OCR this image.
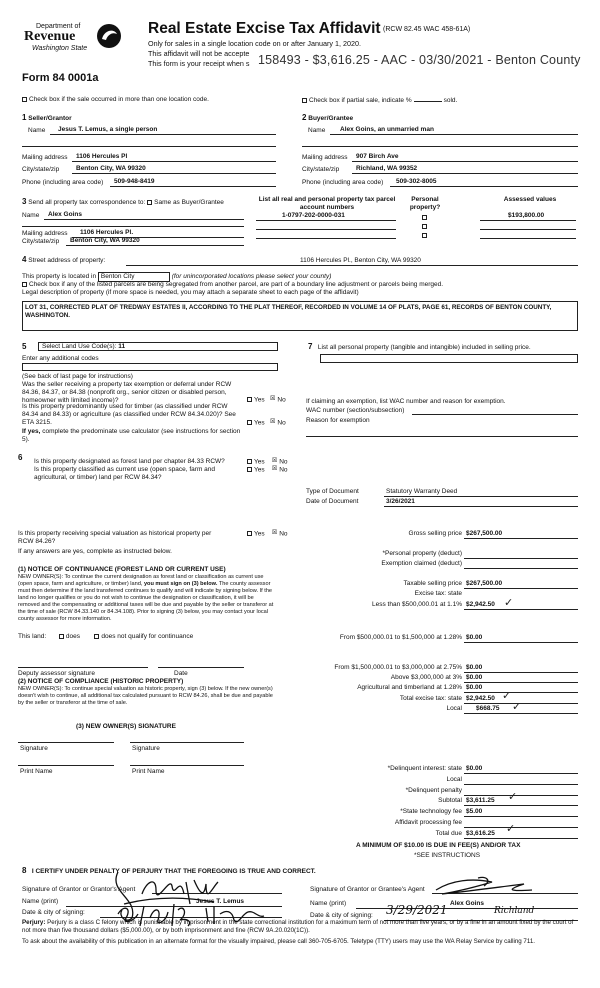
Department of
Revenue
Washington State
Form 84 0001a
Real Estate Excise Tax Affidavit (RCW 82.45 WAC 458-61A)
Only for sales in a single location code on or after January 1, 2020.
This affidavit will not be accepte
This form is your receipt when s 158493 - $3,616.25 - AAC - 03/30/2021 - Benton County
Check box if the sale occurred in more than one location code.	Check box if partial sale, indicate %	sold.
1 Seller/Grantor
Name Jesus T. Lemus, a single person
Mailing address 1106 Hercules Pl
City/state/zip	Benton City, WA 99320
Phone (including area code) 509-948-8419
2 Buyer/Grantee
Name Alex Goins, an unmarried man
Mailing address 907 Birch Ave
City/state/zip	Richland, WA 99352
Phone (including area code) 509-302-8005
3 Send all property tax correspondence to: Same as Buyer/Grantee
Name Alex Goins
Mailing address 1106 Hercules Pl.
City/state/zip Benton City, WA 99320
List all real and personal property tax parcel account numbers
Personal property?
Assessed values
1-0797-202-0000-031	$193,800.00
4 Street address of property:	1106 Hercules Pl., Benton City, WA 99320
This property is located in Benton City	(for unincorporated locations please select your county)
Check box if any of the listed parcels are being segregated from another parcel, are part of a boundary line adjustment or parcels being merged.
Legal description of property (if more space is needed, you may attach a separate sheet to each page of the affidavit)
LOT 31, CORRECTED PLAT OF TREDWAY ESTATES II, ACCORDING TO THE PLAT THEREOF, RECORDED IN VOLUME 14 OF PLATS, PAGE 61, RECORDS OF BENTON COUNTY, WASHINGTON.
5 Select Land Use Code(s): 11
Enter any additional codes
(See back of last page for instructions)
Was the seller receiving a property tax exemption or deferral under RCW 84.36, 84.37, or 84.38 (nonprofit org., senior citizen or disabled person, homeowner with limited income)?	Yes ☒ No
Is this property predominantly used for timber (as classified under RCW 84.34 and 84.33) or agriculture (as classified under RCW 84.34.020)? See ETA 3215.	Yes ☒ No
If yes, complete the predominate use calculator (see instructions for section 5).
7 List all personal property (tangible and intangible) included in selling price.
If claiming an exemption, list WAC number and reason for exemption.
WAC number (section/subsection)
Reason for exemption
6 Is this property designated as forest land per chapter 84.33 RCW?	Yes ☒ No
Is this property classified as current use (open space, farm and agricultural, or timber) land per RCW 84.34?
Yes ☒ No
Type of Document	Statutory Warranty Deed
Date of Document	3/26/2021
Is this property receiving special valuation as historical property per RCW 84.26?
Yes ☒ No
If any answers are yes, complete as instructed below.
(1) NOTICE OF CONTINUANCE (FOREST LAND OR CURRENT USE)
NEW OWNER(S): To continue the current designation as forest land or classification as current use (open space, farm and agriculture, or timber) land, you must sign on (3) below. The county assessor must then determine if the land transferred continues to qualify and will indicate by signing below. If the land no longer qualifies or you do not wish to continue the designation or classification, it will be removed and the compensating or additional taxes will be due and payable by the seller or transferor at the time of sale (RCW 84.33.140 or 84.34.108). Prior to signing (3) below, you may contact your local county assessor for more information.
This land:	does	does not qualify for continuance
Deputy assessor signature	Date
(2) NOTICE OF COMPLIANCE (HISTORIC PROPERTY)
NEW OWNER(S): To continue special valuation as historic property, sign (3) below. If the new owner(s) doesn't wish to continue, all additional tax calculated pursuant to RCW 84.26, shall be due and payable by the seller or transferor at the time of sale.
(3) NEW OWNER(S) SIGNATURE
Signature	Signature
Print Name	Print Name
Gross selling price $267,500.00
*Personal property (deduct)
Exemption claimed (deduct)
Taxable selling price $267,500.00
Excise tax: state
Less than $500,000.01 at 1.1% $2,942.50 ✓
From $500,000.01 to $1,500,000 at 1.28% $0.00
From $1,500,000.01 to $3,000,000 at 2.75% $0.00
Above $3,000,000 at 3% $0.00
Agricultural and timberland at 1.28% $0.00
Total excise tax: state $2,942.50 ✓
Local $668.75 ✓
*Delinquent interest: state $0.00
Local
*Delinquent penalty
Subtotal $3,611.25 ✓
*State technology fee $5.00
Affidavit processing fee
Total due $3,616.25 ✓
A MINIMUM OF $10.00 IS DUE IN FEE(S) AND/OR TAX
*SEE INSTRUCTIONS
8 I CERTIFY UNDER PENALTY OF PERJURY THAT THE FOREGOING IS TRUE AND CORRECT.
Signature of Grantor or Grantor's Agent	Signature of Grantor or Grantee's Agent
Name (print)	Jesus T. Lemus	Name (print)	Alex Goins
Date & city of signing:	Date & city of signing: 3/29/2021	Richland
Perjury: Perjury is a class C felony which is punishable by imprisonment in the state correctional institution for a maximum term of not more than five years, or by a fine in an amount fixed by the court of not more than five thousand dollars ($5,000.00), or by both imprisonment and fine (RCW 9A.20.020(1C)).
To ask about the availability of this publication in an alternate format for the visually impaired, please call 360-705-6705. Teletype (TTY) users may use the WA Relay Service by calling 711.
